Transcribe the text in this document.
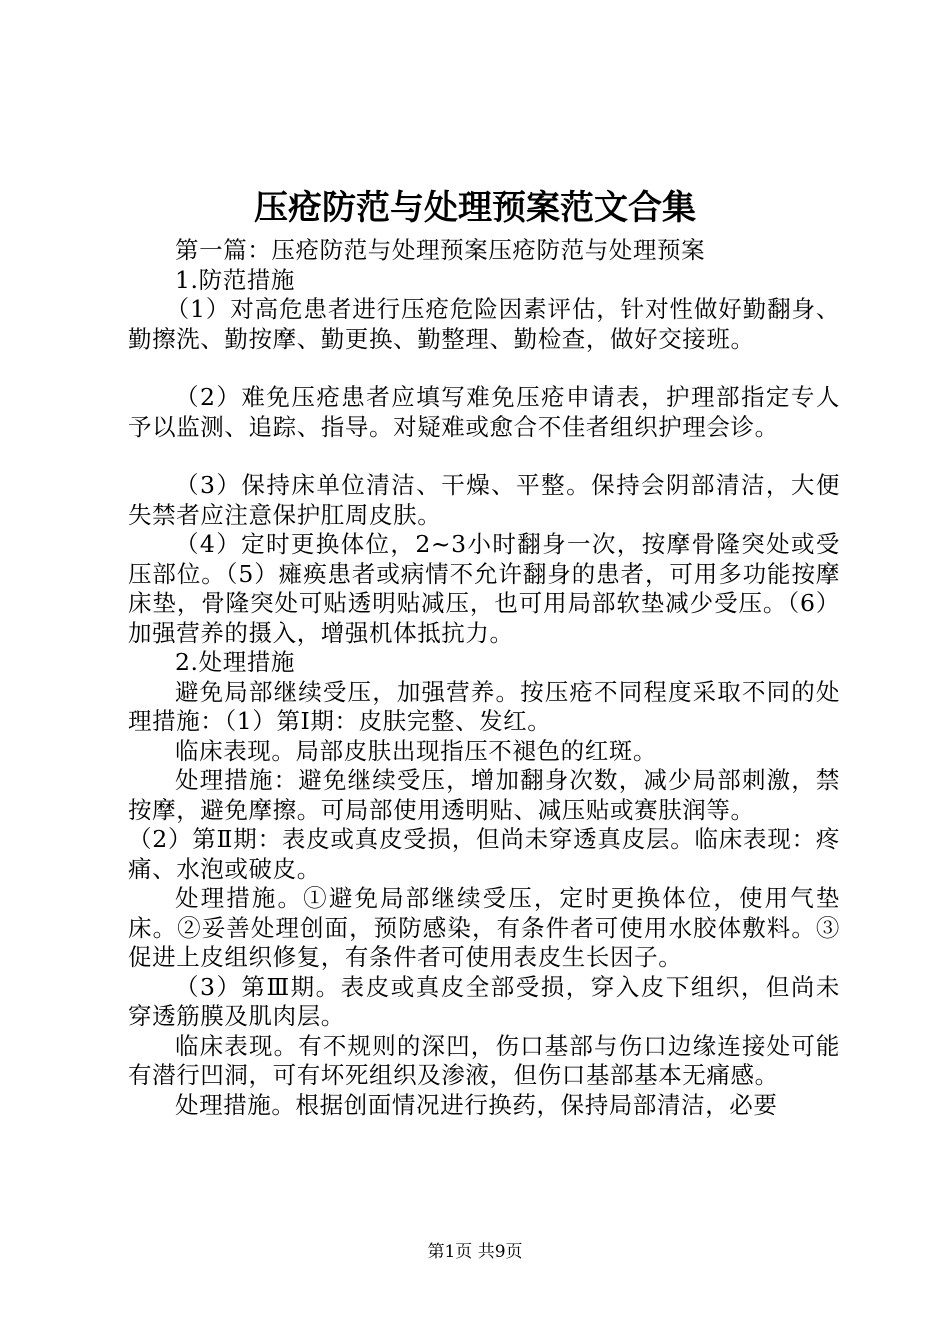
压疮防范与处理预案范文合集

第一篇：压疮防范与处理预案压疮防范与处理预案

1.防范措施

（1）对高危患者进行压疮危险因素评估，针对性做好勤翻身、勤擦洗、勤按摩、勤更换、勤整理、勤检查，做好交接班。

（2）难免压疮患者应填写难免压疮申请表，护理部指定专人予以监测、追踪、指导。对疑难或愈合不佳者组织护理会诊。

（3）保持床单位清洁、干燥、平整。保持会阴部清洁，大便失禁者应注意保护肛周皮肤。

（4）定时更换体位，2~3小时翻身一次，按摩骨隆突处或受压部位。（5）瘫痪患者或病情不允许翻身的患者，可用多功能按摩床垫，骨隆突处可贴透明贴减压，也可用局部软垫减少受压。（6）加强营养的摄入，增强机体抵抗力。

2.处理措施

避免局部继续受压，加强营养。按压疮不同程度采取不同的处理措施：（1）第Ⅰ期：皮肤完整、发红。

临床表现。局部皮肤出现指压不褪色的红斑。

处理措施：避免继续受压，增加翻身次数，减少局部刺激，禁按摩，避免摩擦。可局部使用透明贴、减压贴或赛肤润等。

（2）第Ⅱ期：表皮或真皮受损，但尚未穿透真皮层。临床表现：疼痛、水泡或破皮。

处理措施。①避免局部继续受压，定时更换体位，使用气垫床。②妥善处理创面，预防感染，有条件者可使用水胶体敷料。③促进上皮组织修复，有条件者可使用表皮生长因子。

（3）第Ⅲ期。表皮或真皮全部受损，穿入皮下组织，但尚未穿透筋膜及肌肉层。

临床表现。有不规则的深凹，伤口基部与伤口边缘连接处可能有潜行凹洞，可有坏死组织及渗液，但伤口基部基本无痛感。

处理措施。根据创面情况进行换药，保持局部清洁，必要

第1页 共9页
